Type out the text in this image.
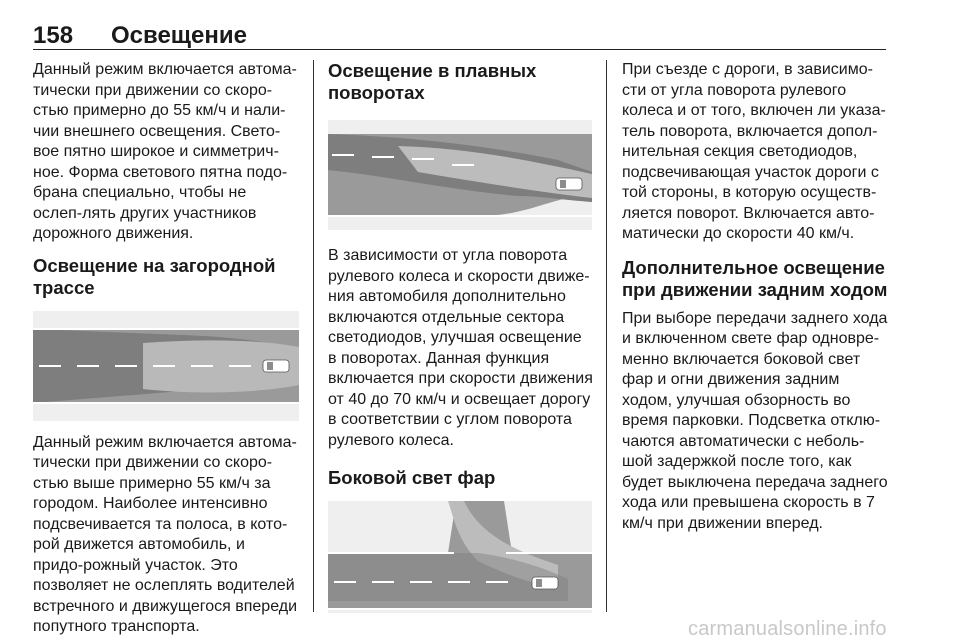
158 Освещение

Данный режим включается автома‐тически при движении со скоро‐стью примерно до 55 км/ч и нали‐чии внешнего освещения. Свето‐вое пятно широкое и симметрич‐ное. Форма светового пятна подо‐брана специально, чтобы не ослеп‐лять других участников дорожного движения.

Освещение на загородной трассе

Данный режим включается автома‐тически при движении со скоро‐стью выше примерно 55 км/ч за городом. Наиболее интенсивно подсвечивается та полоса, в кото‐рой движется автомобиль, и придо‐рожный участок. Это позволяет не ослеплять водителей встречного и движущегося впереди попутного транспорта.

Освещение в плавных поворотах

В зависимости от угла поворота рулевого колеса и скорости движе‐ния автомобиля дополнительно включаются отдельные сектора светодиодов, улучшая освещение в поворотах. Данная функция включается при скорости движения от 40 до 70 км/ч и освещает дорогу в соответствии с углом поворота рулевого колеса.

Боковой свет фар

При съезде с дороги, в зависимо‐сти от угла поворота рулевого колеса и от того, включен ли указа‐тель поворота, включается допол‐нительная секция светодиодов, подсвечивающая участок дороги с той стороны, в которую осуществ‐ляется поворот. Включается авто‐матически до скорости 40 км/ч.

Дополнительное освещение при движении задним ходом

При выборе передачи заднего хода и включенном свете фар одновре‐менно включается боковой свет фар и огни движения задним ходом, улучшая обзорность во время парковки. Подсветка отклю‐чаются автоматически с неболь‐шой задержкой после того, как будет выключена передача заднего хода или превышена скорость в 7 км/ч при движении вперед.

carmanualsonline.info
